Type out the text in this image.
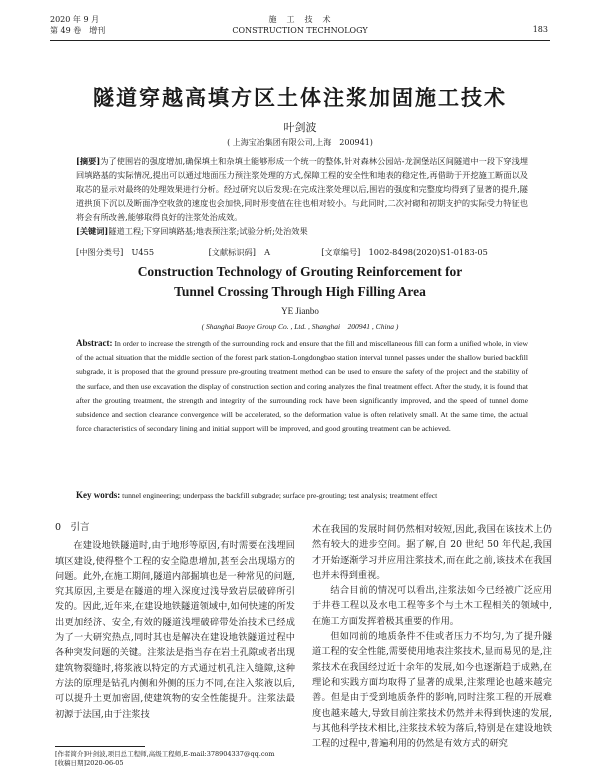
2020 年 9 月
第 49 卷　增刊
施　工　技　术
CONSTRUCTION TECHNOLOGY	183
隧道穿越高填方区土体注浆加固施工技术
叶剑波
( 上海宝冶集团有限公司,上海　200941)
[摘要]为了使围岩的强度增加,确保填土和杂填土能够形成一个统一的整体,针对森林公园站-龙洞堡站区间隧道中一段下穿浅埋回填路基的实际情况,提出可以通过地面压力预注浆处理的方式,保障工程的安全性和地表的稳定性,再借助于开挖施工断面以及取芯的显示对最终的处理效果进行分析。经过研究以后发现:在完成注浆处理以后,围岩的强度和完整度均得到了显著的提升,隧道拱顶下沉以及断面净空收敛的速度也会加快,同时形变值在往也相对较小。与此同时,二次衬砌和初期支护的实际受力特征也将会有所改善,能够取得良好的注浆处治成效。
[关键词]隧道工程;下穿回填路基;地表预注浆;试验分析;处治效果
[中图分类号]　 U455	[文献标识码]　 A	[文章编号]　 1002-8498(2020)S1-0183-05
Construction Technology of Grouting Reinforcement for
Tunnel Crossing Through High Filling Area
YE Jianbo
( Shanghai Baoye Group Co. , Ltd. , Shanghai　200941 , China )
Abstract: In order to increase the strength of the surrounding rock and ensure that the fill and miscellaneous fill can form a unified whole, in view of the actual situation that the middle section of the forest park station-Longdongbao station interval tunnel passes under the shallow buried backfill subgrade, it is proposed that the ground pressure pre-grouting treatment method can be used to ensure the safety of the project and the stability of the surface, and then use excavation the display of construction section and coring analyzes the final treatment effect. After the study, it is found that after the grouting treatment, the strength and integrity of the surrounding rock have been significantly improved, and the speed of tunnel dome subsidence and section clearance convergence will be accelerated, so the deformation value is often relatively small. At the same time, the actual force characteristics of secondary lining and initial support will be improved, and good grouting treatment can be achieved.
Key words: tunnel engineering; underpass the backfill subgrade; surface pre-grouting; test analysis; treatment effect
0　引言

在建设地铁隧道时,由于地形等原因,有时需要在浅埋回填区建设,使得整个工程的安全隐患增加,甚至会出现塌方的问题。此外,在施工期间,隧道内部掘填也是一种常见的问题,究其原因,主要是在隧道的埋入深度过浅导致岩层破碎所引发的。因此,近年来,在建设地铁隧道领域中,如何快速的所发出更加经济、安全,有效的隧道浅埋破碎带处治技术已经成为了一大研究热点,同时其也是解决在建设地铁隧道过程中各种突发问题的关键。注浆法是指当存在岩土孔隙或者出现建筑物裂缝时,将浆液以特定的方式通过机孔注入缝隙,这种方法的原理是钻孔内侧和外侧的压力不同,在注入浆液以后,可以提升土更加密固,使建筑物的安全性能提升。注浆法最初源于法国,由于注浆技

术在我国的发展时间仍然相对较短,因此,我国在该技术上仍然有较大的进步空间。据了解,自 20 世纪 50 年代起,我国才开始逐渐学习并应用注浆技术,而在此之前,该技术在我国也并未得到重视。

结合目前的情况可以看出,注浆法如今已经被广泛应用于井巷工程以及水电工程等多个与土木工程相关的领域中,在施工方面发挥着极其重要的作用。

但如同前的地质条件不佳或者压力不均匀,为了提升隧道工程的安全性能,需要使用地表注浆技术,显而易见的是,注浆技术在我国经过近十余年的发展,如今也逐渐趋于成熟,在理论和实践方面均取得了显著的成果,注浆理论也越来越完善。但是由于受到地质条件的影响,同时注浆工程的开展难度也越来越大,导致目前注浆技术仍然并未得到快速的发展,与其他科学技术相比,注浆技术较为落后,特别是在建设地铁工程的过程中,普遍利用的仍然是有效方式的研究

[作者简介]叶剑波,项目总工程师,高级工程师,E-mail:378904337@qq.com
[收稿日期]2020-06-05
